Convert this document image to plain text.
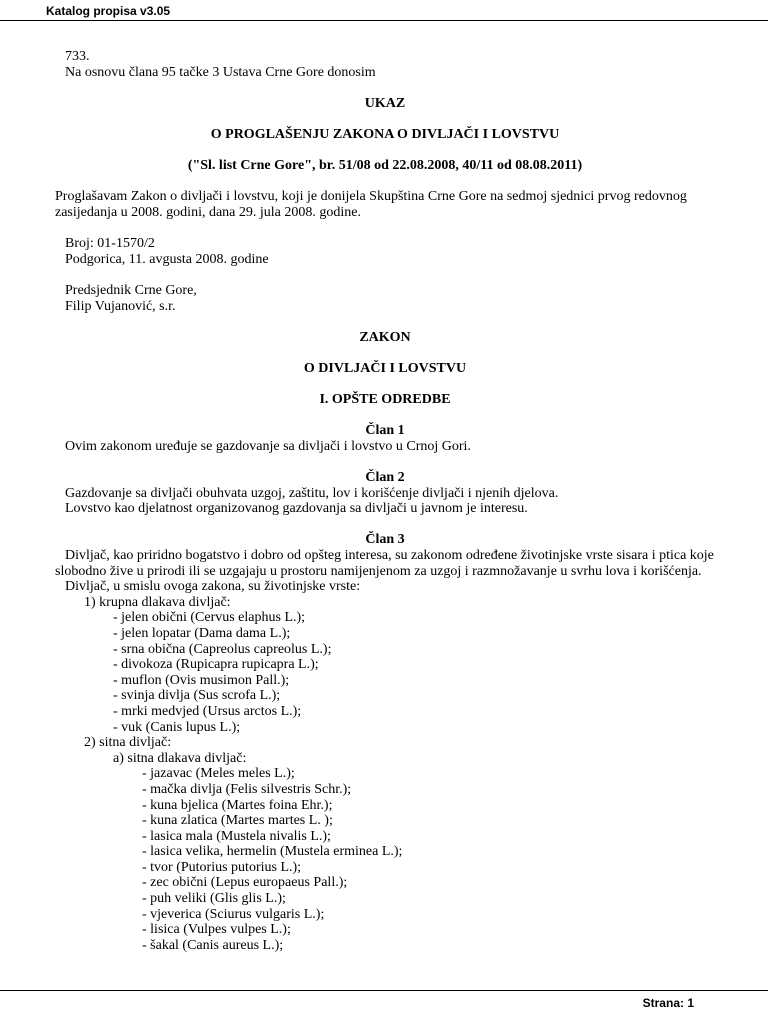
Katalog propisa v3.05

733.

Na osnovu člana 95 tačke 3 Ustava Crne Gore donosim

UKAZ

O PROGLAŠENJU ZAKONA O DIVLJAČI I LOVSTVU

("Sl. list Crne Gore", br. 51/08 od 22.08.2008, 40/11 od 08.08.2011)

Proglašavam Zakon o divljači i lovstvu, koji je donijela Skupština Crne Gore na sedmoj sjednici prvog redovnog zasijedanja u 2008. godini, dana 29. jula 2008. godine.

Broj: 01-1570/2

Podgorica, 11. avgusta 2008. godine

Predsjednik Crne Gore,

Filip Vujanović, s.r.

ZAKON

O DIVLJAČI I LOVSTVU

I. OPŠTE ODREDBE

Član 1

Ovim zakonom uređuje se gazdovanje sa divljači i lovstvo u Crnoj Gori.

Član 2

Gazdovanje sa divljači obuhvata uzgoj, zaštitu, lov i korišćenje divljači i njenih djelova.

Lovstvo kao djelatnost organizovanog gazdovanja sa divljači u javnom je interesu.

Član 3

Divljač, kao priridno bogatstvo i dobro od opšteg interesa, su zakonom određene životinjske vrste sisara i ptica koje slobodno žive u prirodi ili se uzgajaju u prostoru namijenjenom za uzgoj i razmnožavanje u svrhu lova i korišćenja.

Divljač, u smislu ovoga zakona, su životinjske vrste:

1) krupna dlakava divljač:

- jelen obični (Cervus elaphus L.);

- jelen lopatar (Dama dama L.);

- srna obična (Capreolus capreolus L.);

- divokoza (Rupicapra rupicapra L.);

- muflon (Ovis musimon Pall.);

- svinja divlja (Sus scrofa L.);

- mrki medvjed (Ursus arctos L.);

- vuk (Canis lupus L.);

2) sitna divljač:

a) sitna dlakava divljač:

- jazavac (Meles meles L.);

- mačka divlja (Felis silvestris Schr.);

- kuna bjelica (Martes foina Ehr.);

- kuna zlatica (Martes martes L. );

- lasica mala (Mustela nivalis L.);

- lasica velika, hermelin (Mustela erminea L.);

- tvor (Putorius putorius L.);

- zec obični (Lepus europaeus Pall.);

- puh veliki (Glis glis L.);

- vjeverica (Sciurus vulgaris L.);

- lisica (Vulpes vulpes L.);

- šakal (Canis aureus L.);

Strana: 1
